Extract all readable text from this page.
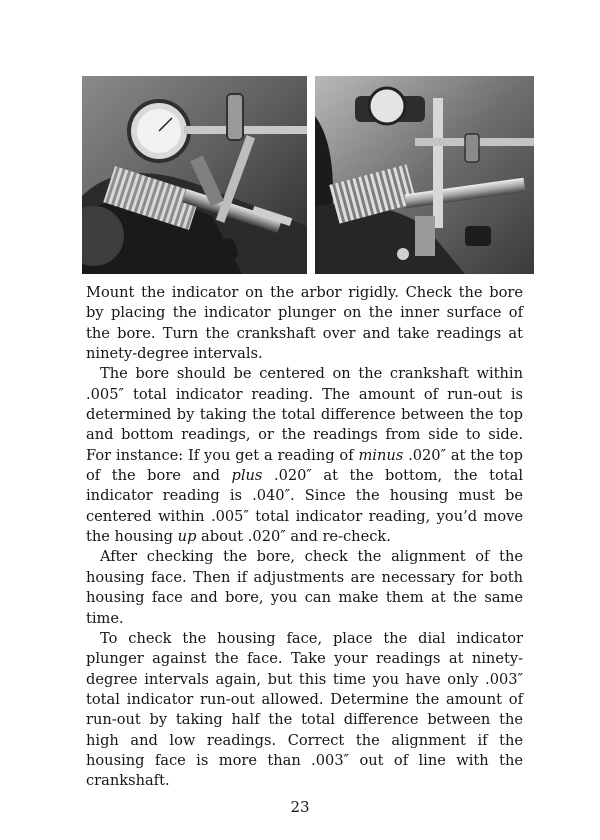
Mount the indicator on the arbor rigidly. Check the bore by placing the indicator plunger on the inner surface of the bore. Turn the crankshaft over and take readings at ninety-degree intervals.

The bore should be centered on the crankshaft within .005″ total indicator reading. The amount of run-out is determined by taking the total difference between the top and bottom readings, or the readings from side to side. For instance: If you get a reading of minus .020″ at the top of the bore and plus .020″ at the bottom, the total indicator reading is .040″. Since the housing must be centered within .005″ total indicator reading, you’d move the housing up about .020″ and re-check.

After checking the bore, check the alignment of the housing face. Then if adjustments are necessary for both housing face and bore, you can make them at the same time.

To check the housing face, place the dial indicator plunger against the face. Take your readings at ninety-degree intervals again, but this time you have only .003″ total indicator run-out allowed. Determine the amount of run-out by taking half the total difference between the high and low readings. Correct the alignment if the housing face is more than .003″ out of line with the crankshaft.

23
